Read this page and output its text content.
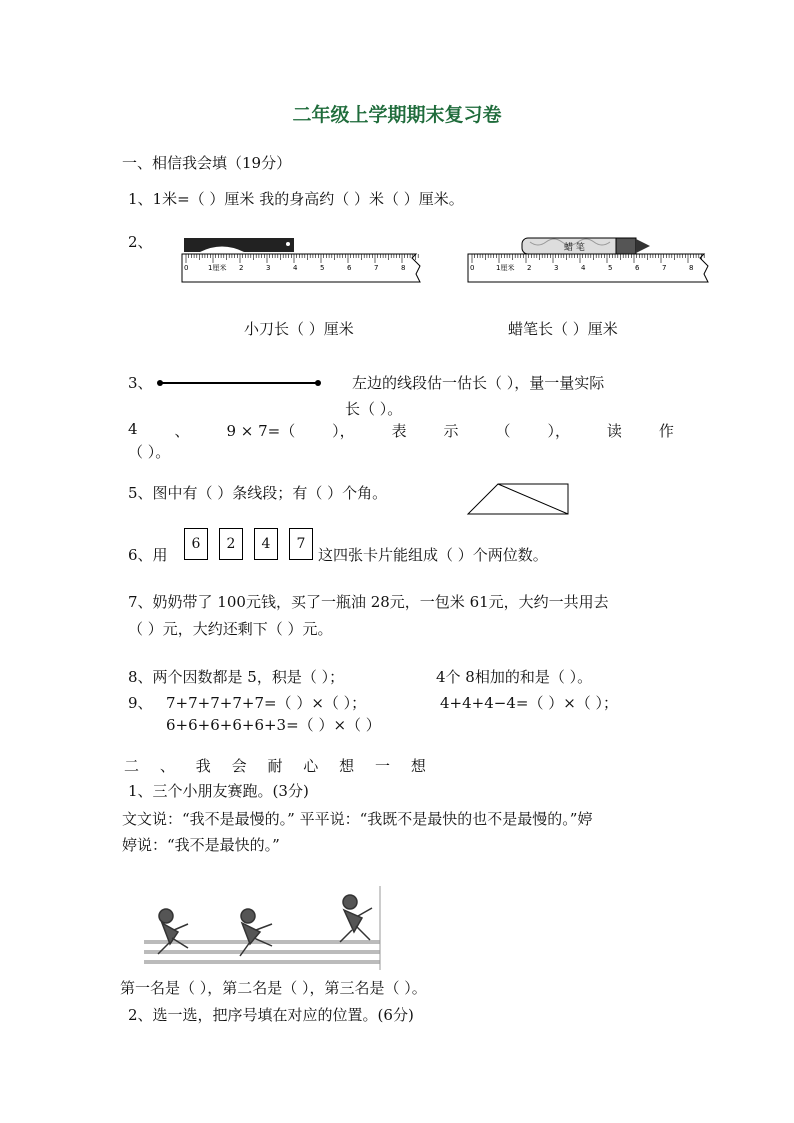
二年级上学期期末复习卷
一、相信我会填（19分）
1、1米=（ ）厘米 我的身高约（ ）米（ ）厘米。
2、
0	1厘米 2	3	4	5	6	7	8
蜡 笔
0	1厘米 2	3	4	5	6	7	8
小刀长（ ）厘米	蜡笔长（ ）厘米
3、	左边的线段估一估长（ ），量一量实际
长（ ）。
4 、 9 × 7=（ ）， 表 示 （ ）， 读 作
（ ）。
5、图中有（ ）条线段；有（ ）个角。
6、用
6	2	4	7
这四张卡片能组成（ ）个两位数。
7、奶奶带了 100元钱，买了一瓶油 28元，一包米 61元，大约一共用去
（ ）元，大约还剩下（ ）元。
8、两个因数都是 5，积是（ ）；	4个 8相加的和是（ ）。
9、 7+7+7+7+7=（ ）×（ ）；	4+4+4−4=（ ）×（ ）；
6+6+6+6+6+3=（ ）×（ ）
二 、 我 会 耐 心 想 一 想
1、三个小朋友赛跑。(3分)
文文说：“我不是最慢的。” 平平说：“我既不是最快的也不是最慢的。”婷
婷说：“我不是最快的。”
第一名是（ ），第二名是（ ），第三名是（ ）。
2、选一选，把序号填在对应的位置。(6分)
